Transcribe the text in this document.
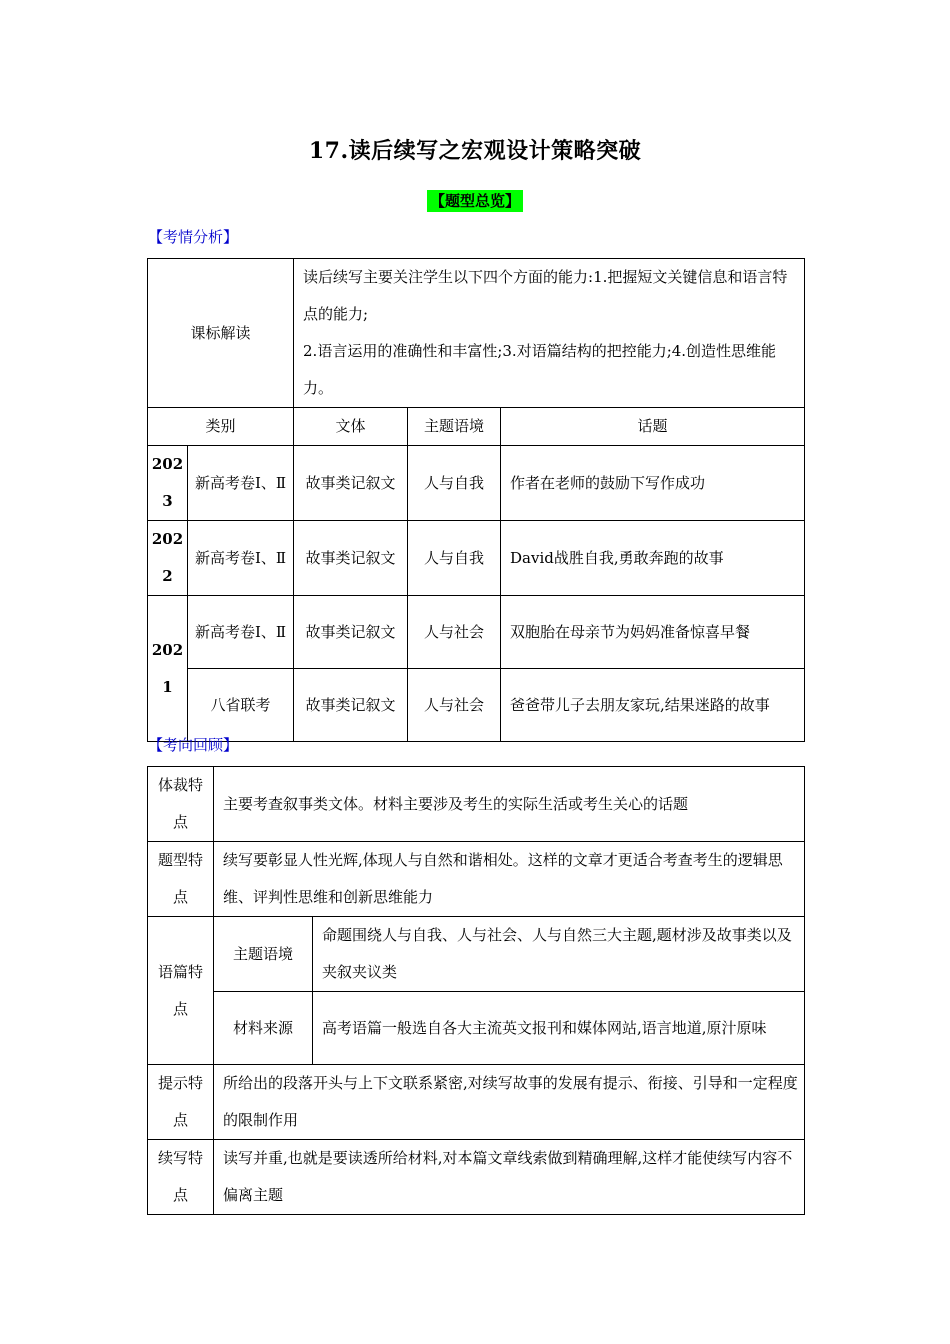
17.读后续写之宏观设计策略突破
【题型总览】
【考情分析】
课标解读		读后续写主要关注学生以下四个方面的能力:1.把握短文关键信息和语言特点的能力;
2.语言运用的准确性和丰富性;3.对语篇结构的把控能力;4.创造性思维能力。		

类别		文体	主题语境	话题
2023	新高考卷Ⅰ、Ⅱ	故事类记叙文	人与自我	作者在老师的鼓励下写作成功
2022	新高考卷Ⅰ、Ⅱ	故事类记叙文	人与自我	David战胜自我,勇敢奔跑的故事
2021	新高考卷Ⅰ、Ⅱ	故事类记叙文	人与社会	双胞胎在母亲节为妈妈准备惊喜早餐
	八省联考	故事类记叙文	人与社会	爸爸带儿子去朋友家玩,结果迷路的故事
【考向回顾】
体裁特点	主要考查叙事类文体。材料主要涉及考生的实际生活或考生关心的话题	
题型特点	续写要彰显人性光辉,体现人与自然和谐相处。这样的文章才更适合考查考生的逻辑思维、评判性思维和创新思维能力	
语篇特点	主题语境	命题围绕人与自我、人与社会、人与自然三大主题,题材涉及故事类以及夹叙夹议类
	材料来源	高考语篇一般选自各大主流英文报刊和媒体网站,语言地道,原汁原味
提示特点	所给出的段落开头与上下文联系紧密,对续写故事的发展有提示、衔接、引导和一定程度的限制作用	
续写特点	读写并重,也就是要读透所给材料,对本篇文章线索做到精确理解,这样才能使续写内容不偏离主题	
